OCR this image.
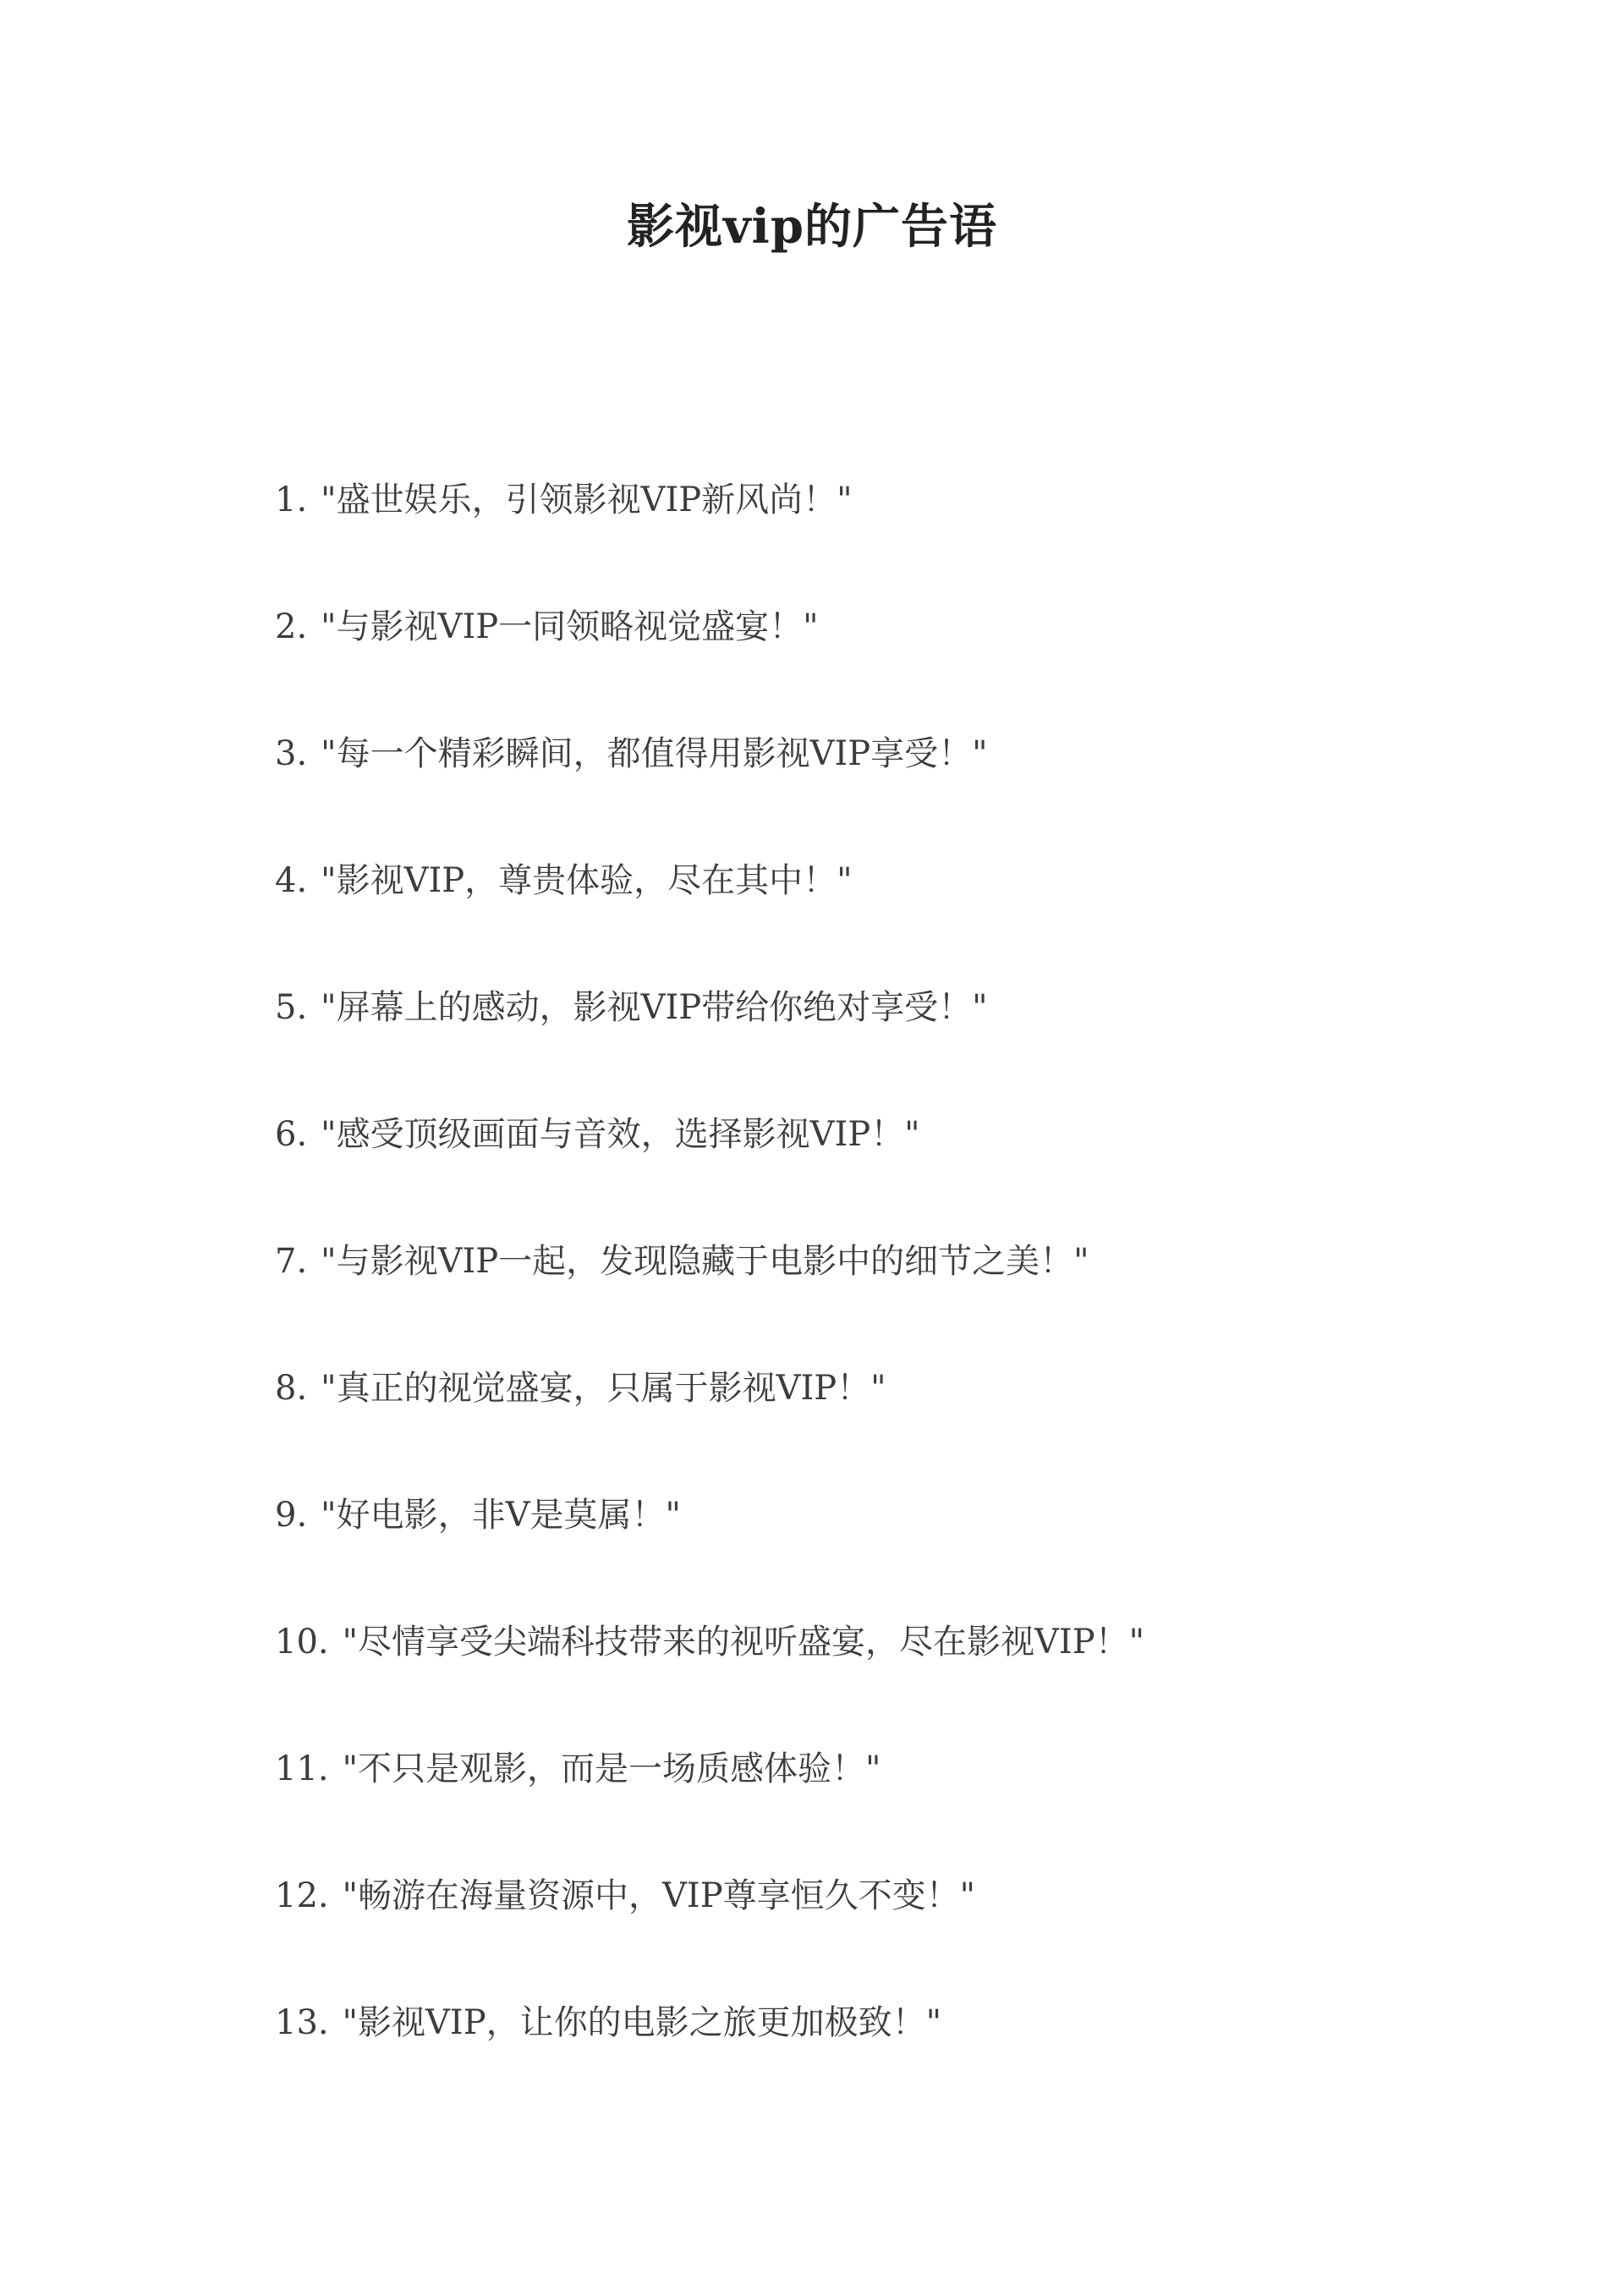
影视vip的广告语
1. "盛世娱乐，引领影视VIP新风尚！"
2. "与影视VIP一同领略视觉盛宴！"
3. "每一个精彩瞬间，都值得用影视VIP享受！"
4. "影视VIP，尊贵体验，尽在其中！"
5. "屏幕上的感动，影视VIP带给你绝对享受！"
6. "感受顶级画面与音效，选择影视VIP！"
7. "与影视VIP一起，发现隐藏于电影中的细节之美！"
8. "真正的视觉盛宴，只属于影视VIP！"
9. "好电影，非V是莫属！"
10. "尽情享受尖端科技带来的视听盛宴，尽在影视VIP！"
11. "不只是观影，而是一场质感体验！"
12. "畅游在海量资源中，VIP尊享恒久不变！"
13. "影视VIP，让你的电影之旅更加极致！"
